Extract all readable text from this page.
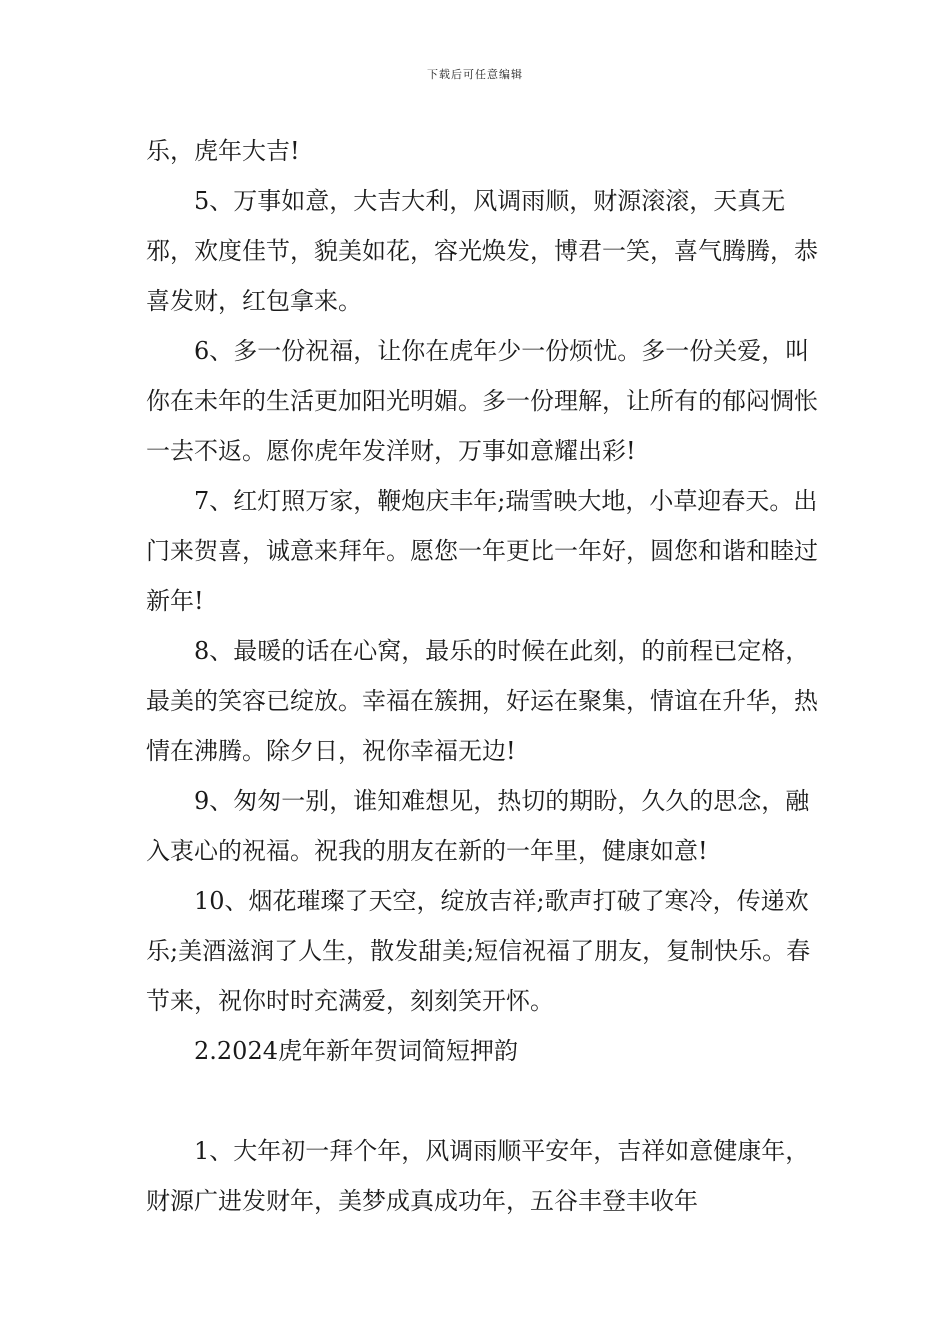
下载后可任意编辑

乐，虎年大吉!

5、万事如意，大吉大利，风调雨顺，财源滚滚，天真无邪，欢度佳节，貌美如花，容光焕发，博君一笑，喜气腾腾，恭喜发财，红包拿来。

6、多一份祝福，让你在虎年少一份烦忧。多一份关爱，叫你在未年的生活更加阳光明媚。多一份理解，让所有的郁闷惆怅一去不返。愿你虎年发洋财，万事如意耀出彩!

7、红灯照万家，鞭炮庆丰年;瑞雪映大地，小草迎春天。出门来贺喜，诚意来拜年。愿您一年更比一年好，圆您和谐和睦过新年!

8、最暖的话在心窝，最乐的时候在此刻，的前程已定格，最美的笑容已绽放。幸福在簇拥，好运在聚集，情谊在升华，热情在沸腾。除夕日，祝你幸福无边!

9、匆匆一别，谁知难想见，热切的期盼，久久的思念，融入衷心的祝福。祝我的朋友在新的一年里，健康如意!

10、烟花璀璨了天空，绽放吉祥;歌声打破了寒冷，传递欢乐;美酒滋润了人生，散发甜美;短信祝福了朋友，复制快乐。春节来，祝你时时充满爱，刻刻笑开怀。

2.2024虎年新年贺词简短押韵

1、大年初一拜个年，风调雨顺平安年，吉祥如意健康年，财源广进发财年，美梦成真成功年，五谷丰登丰收年
